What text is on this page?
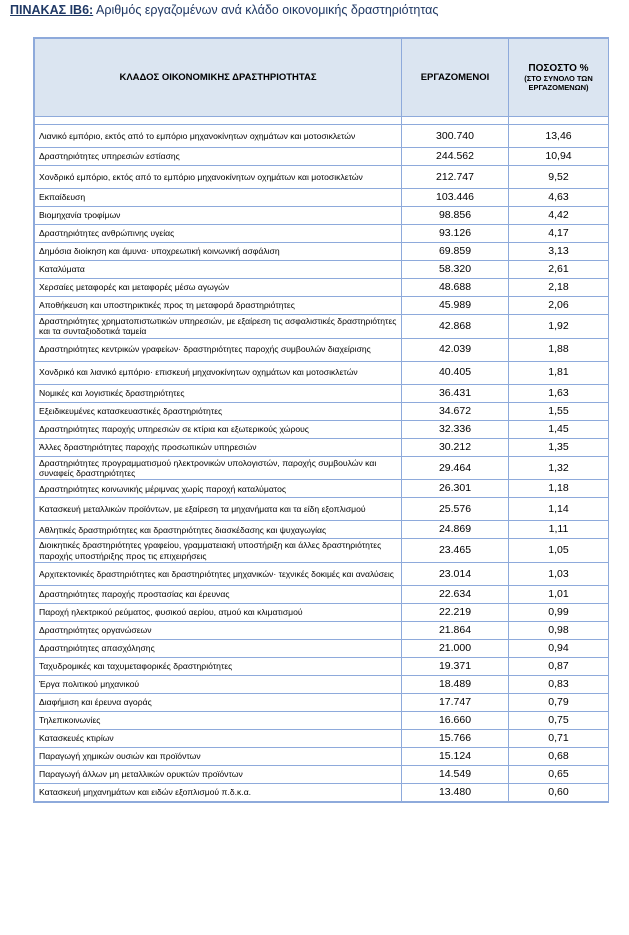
ΠΙΝΑΚΑΣ ΙΒ6: Αριθμός εργαζομένων ανά κλάδο οικονομικής δραστηριότητας
ΚΛΑΔΟΣ ΟΙΚΟΝΟΜΙΚΗΣ ΔΡΑΣΤΗΡΙΟΤΗΤΑΣ	ΕΡΓΑΖΟΜΕΝΟΙ	ΠΟΣΟΣΤΟ %
(ΣΤΟ ΣΥΝΟΛΟ ΤΩΝ ΕΡΓΑΖΟΜΕΝΩΝ)

Λιανικό εμπόριο, εκτός από το εμπόριο μηχανοκίνητων οχημάτων και μοτοσικλετών	300.740	13,46
Δραστηριότητες υπηρεσιών εστίασης	244.562	10,94
Χονδρικό εμπόριο, εκτός από το εμπόριο μηχανοκίνητων οχημάτων και μοτοσικλετών	212.747	9,52
Εκπαίδευση	103.446	4,63
Βιομηχανία τροφίμων	98.856	4,42
Δραστηριότητες ανθρώπινης υγείας	93.126	4,17
Δημόσια διοίκηση και άμυνα· υποχρεωτική κοινωνική ασφάλιση	69.859	3,13
Καταλύματα	58.320	2,61
Χερσαίες μεταφορές και μεταφορές μέσω αγωγών	48.688	2,18
Αποθήκευση και υποστηρικτικές προς τη μεταφορά δραστηριότητες	45.989	2,06
Δραστηριότητες χρηματοπιστωτικών υπηρεσιών, με εξαίρεση τις ασφαλιστικές δραστηριότητες και τα συνταξιοδοτικά ταμεία	42.868	1,92
Δραστηριότητες κεντρικών γραφείων· δραστηριότητες παροχής συμβουλών διαχείρισης	42.039	1,88
Χονδρικό και λιανικό εμπόριο· επισκευή μηχανοκίνητων οχημάτων και μοτοσικλετών	40.405	1,81
Νομικές και λογιστικές δραστηριότητες	36.431	1,63
Εξειδικευμένες κατασκευαστικές δραστηριότητες	34.672	1,55
Δραστηριότητες παροχής υπηρεσιών σε κτίρια και εξωτερικούς χώρους	32.336	1,45
Άλλες δραστηριότητες παροχής προσωπικών υπηρεσιών	30.212	1,35
Δραστηριότητες προγραμματισμού ηλεκτρονικών υπολογιστών, παροχής συμβουλών και συναφείς δραστηριότητες	29.464	1,32
Δραστηριότητες κοινωνικής μέριμνας χωρίς παροχή καταλύματος	26.301	1,18
Κατασκευή μεταλλικών προϊόντων, με εξαίρεση τα μηχανήματα και τα είδη εξοπλισμού	25.576	1,14
Αθλητικές δραστηριότητες και δραστηριότητες διασκέδασης και ψυχαγωγίας	24.869	1,11
Διοικητικές δραστηριότητες γραφείου, γραμματειακή υποστήριξη και άλλες δραστηριότητες παροχής υποστήριξης προς τις επιχειρήσεις	23.465	1,05
Αρχιτεκτονικές δραστηριότητες και δραστηριότητες μηχανικών· τεχνικές δοκιμές και αναλύσεις	23.014	1,03
Δραστηριότητες παροχής προστασίας και έρευνας	22.634	1,01
Παροχή ηλεκτρικού ρεύματος, φυσικού αερίου, ατμού και κλιματισμού	22.219	0,99
Δραστηριότητες οργανώσεων	21.864	0,98
Δραστηριότητες απασχόλησης	21.000	0,94
Ταχυδρομικές και ταχυμεταφορικές δραστηριότητες	19.371	0,87
Έργα πολιτικού μηχανικού	18.489	0,83
Διαφήμιση και έρευνα αγοράς	17.747	0,79
Τηλεπικοινωνίες	16.660	0,75
Κατασκευές κτιρίων	15.766	0,71
Παραγωγή χημικών ουσιών και προϊόντων	15.124	0,68
Παραγωγή άλλων μη μεταλλικών ορυκτών προϊόντων	14.549	0,65
Κατασκευή μηχανημάτων και ειδών εξοπλισμού π.δ.κ.α.	13.480	0,60
